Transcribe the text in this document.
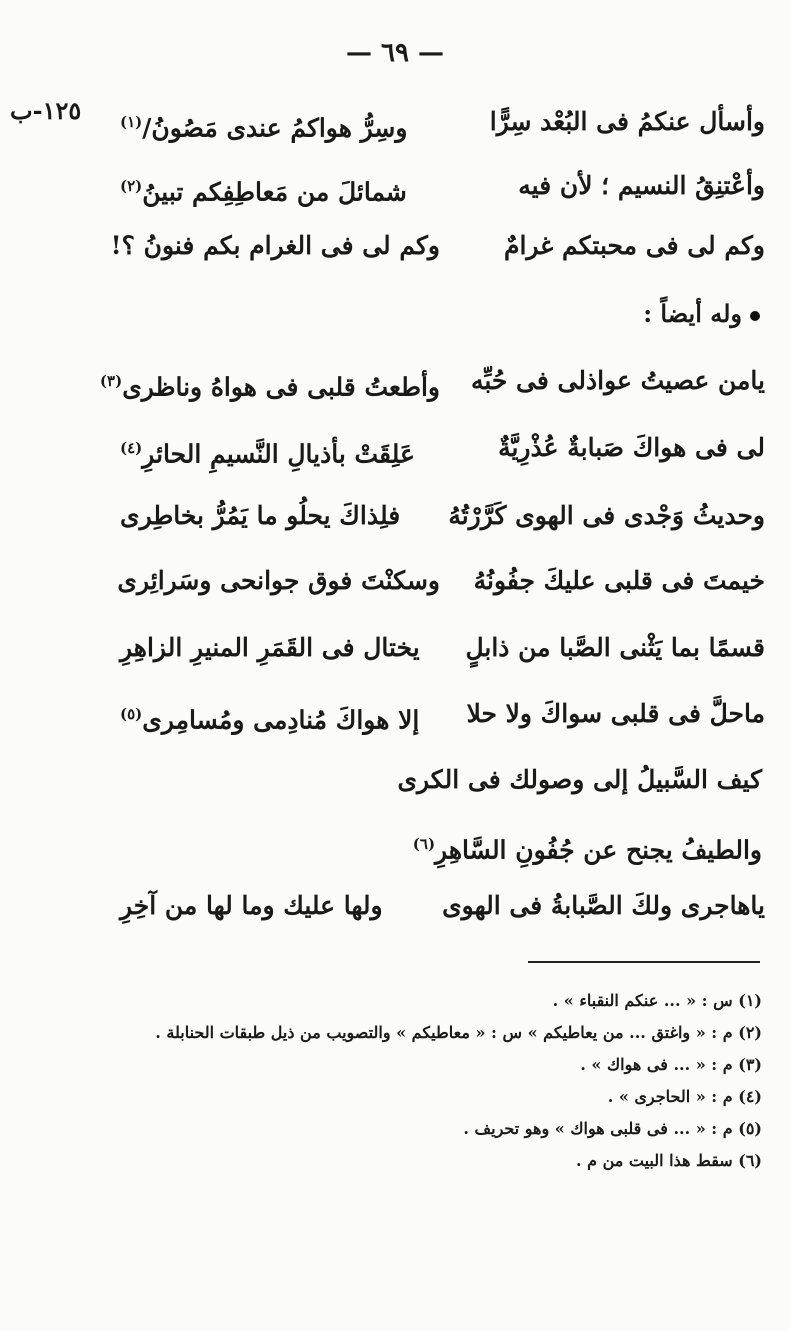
— ٦٩ —
١٢٥-ب	وأسأل عنكمُ فى البُعْد سِرًّا
وسِرُّ هواكمُ عندى مَصُونُ/$^{(١)}$
وأعْتنِقُ النسيم ؛ لأن فيه
شمائلَ من مَعاطِفِكم تبينُ$^{(٢)}$
وكم لى فى محبتكم غرامٌ
وكم لى فى الغرام بكم فنونُ ؟!
وله أيضاً :
يامن عصيتُ عواذلى فى حُبِّه
وأطعتُ قلبى فى هواهُ وناظرى$^{(٣)}$
لى فى هواكَ صَبابةٌ عُذْرِيَّةٌ
عَلِقَتْ بأذيالِ النَّسيمِ الحائرِ$^{(٤)}$
وحديثُ وَجْدى فى الهوى كَرَّرْتُهُ
فلِذاكَ يحلُو ما يَمُرُّ بخاطِرى
خيمتَ فى قلبى عليكَ جفُونُهُ
وسكنْتَ فوق جوانحى وسَرائِرى
قسمًا بما يَثْنى الصَّبا من ذابلٍ
يختال فى القَمَرِ المنيرِ الزاهِرِ
ماحلَّ فى قلبى سواكَ ولا حلا
إلا هواكَ مُنادِمى ومُسامِرى$^{(٥)}$
كيف السَّبيلُ إلى وصولك فى الكرى
والطيفُ يجنح عن جُفُونِ السَّاهِرِ$^{(٦)}$
ياهاجرى ولكَ الصَّبابةُ فى الهوى
ولها عليك وما لها من آخِرِ

(١) س : « ... عنكم النقباء » .

(٢) م : « واغتق ... من يعاطيكم » س : « معاطيكم » والتصويب من ذيل طبقات الحنابلة .

(٣) م : « ... فى هواك » .

(٤) م : « الحاجرى » .

(٥) م : « ... فى قلبى هواك » وهو تحريف .

(٦) سقط هذا البيت من م .
